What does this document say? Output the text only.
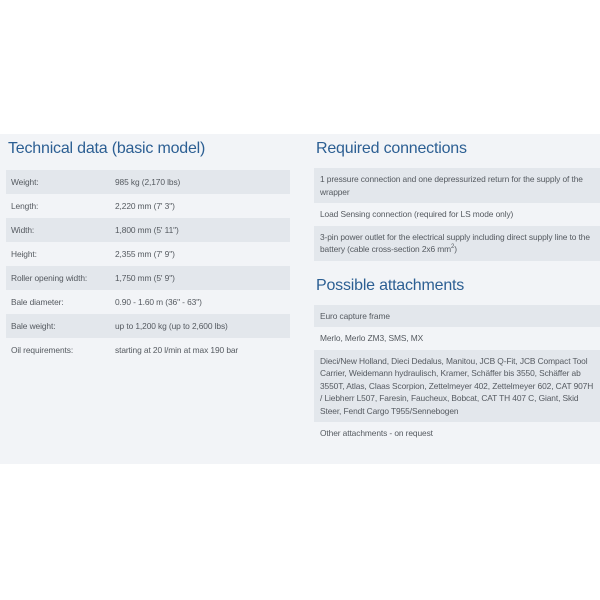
Technical data (basic model)
Weight:	985 kg (2,170 lbs)
Length:	2,220 mm (7' 3")
Width:	1,800 mm (5' 11")
Height:	2,355 mm (7' 9")
Roller opening width:	1,750 mm (5' 9")
Bale diameter:	0.90 - 1.60 m (36" - 63")
Bale weight:	up to 1,200 kg (up to 2,600 lbs)
Oil requirements:	starting at 20 l/min at max 190 bar
Required connections
1 pressure connection and one depressurized return for the supply of the wrapper
Load Sensing connection (required for LS mode only)
3-pin power outlet for the electrical supply including direct supply line to the battery (cable cross-section 2x6 $mm^2$)
Possible attachments
Euro capture frame
Merlo, Merlo ZM3, SMS, MX
Dieci/New Holland, Dieci Dedalus, Manitou, JCB Q-Fit, JCB Compact Tool Carrier, Weidemann hydraulisch, Kramer, Schäffer bis 3550, Schäffer ab 3550T, Atlas, Claas Scorpion, Zettelmeyer 402, Zettelmeyer 602, CAT 907H / Liebherr L507, Faresin, Faucheux, Bobcat, CAT TH 407 C, Giant, Skid Steer, Fendt Cargo T955/Sennebogen
Other attachments - on request
